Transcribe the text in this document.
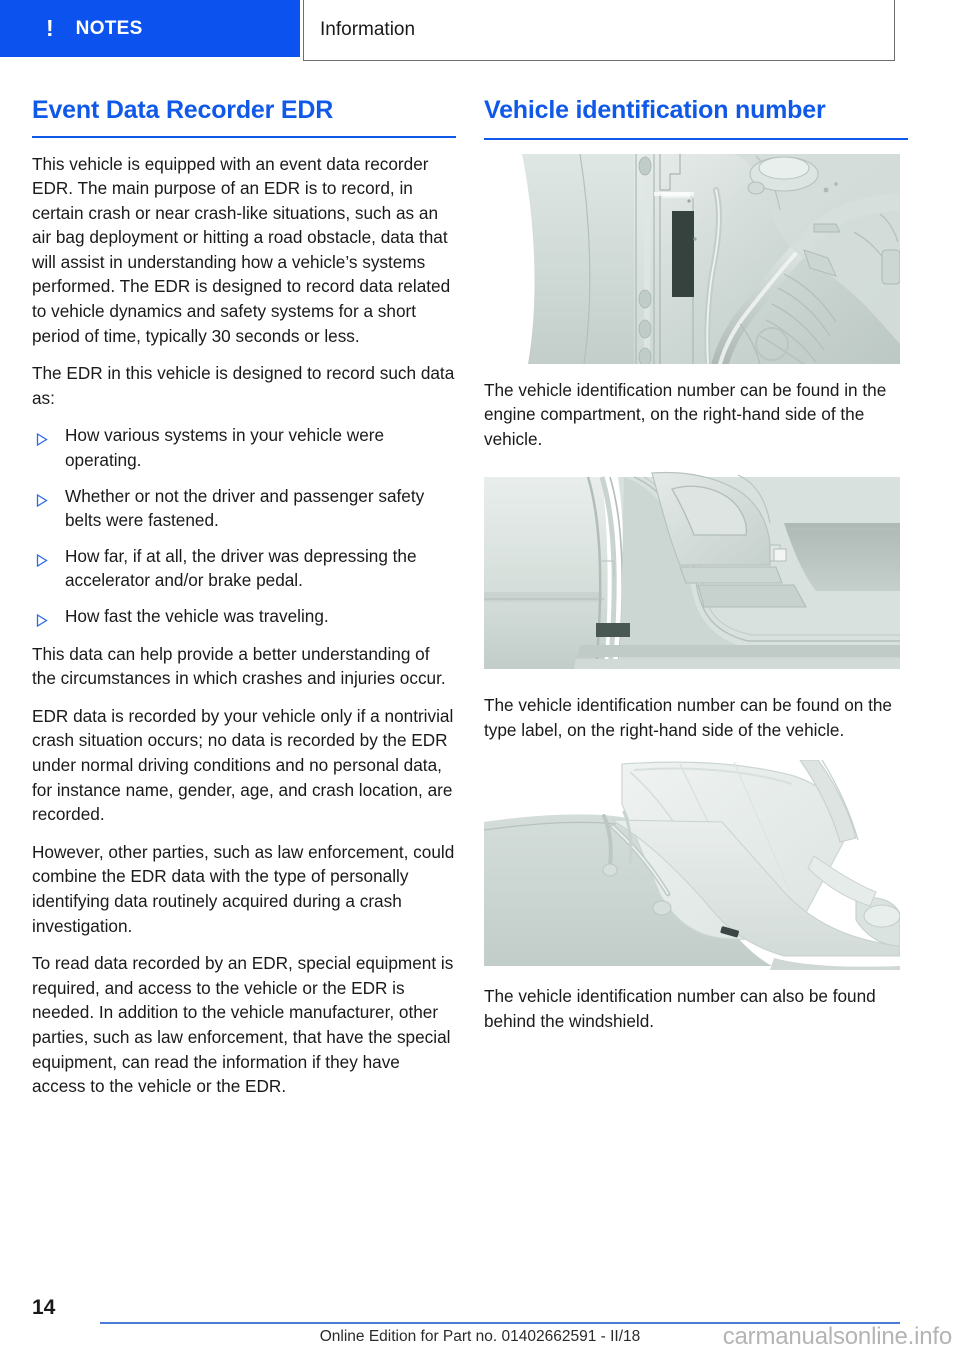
! NOTES	Information
Event Data Recorder EDR

This vehicle is equipped with an event data recorder EDR. The main purpose of an EDR is to record, in certain crash or near crash-like situations, such as an air bag deployment or hitting a road obstacle, data that will assist in understanding how a vehicle’s systems performed. The EDR is designed to record data related to vehicle dynamics and safety systems for a short period of time, typically 30 seconds or less.

The EDR in this vehicle is designed to record such data as:

How various systems in your vehicle were operating.
Whether or not the driver and passenger safety belts were fastened.
How far, if at all, the driver was depressing the accelerator and/or brake pedal.
How fast the vehicle was traveling.

This data can help provide a better understanding of the circumstances in which crashes and injuries occur.

EDR data is recorded by your vehicle only if a nontrivial crash situation occurs; no data is recorded by the EDR under normal driving conditions and no personal data, for instance name, gender, age, and crash location, are recorded.

However, other parties, such as law enforcement, could combine the EDR data with the type of personally identifying data routinely acquired during a crash investigation.

To read data recorded by an EDR, special equipment is required, and access to the vehicle or the EDR is needed. In addition to the vehicle manufacturer, other parties, such as law enforcement, that have the special equipment, can read the information if they have access to the vehicle or the EDR.

Vehicle identification number

The vehicle identification number can be found in the engine compartment, on the right-hand side of the vehicle.

The vehicle identification number can be found on the type label, on the right-hand side of the vehicle.

The vehicle identification number can also be found behind the windshield.

14
Online Edition for Part no. 01402662591 - II/18	carmanualsonline.info
